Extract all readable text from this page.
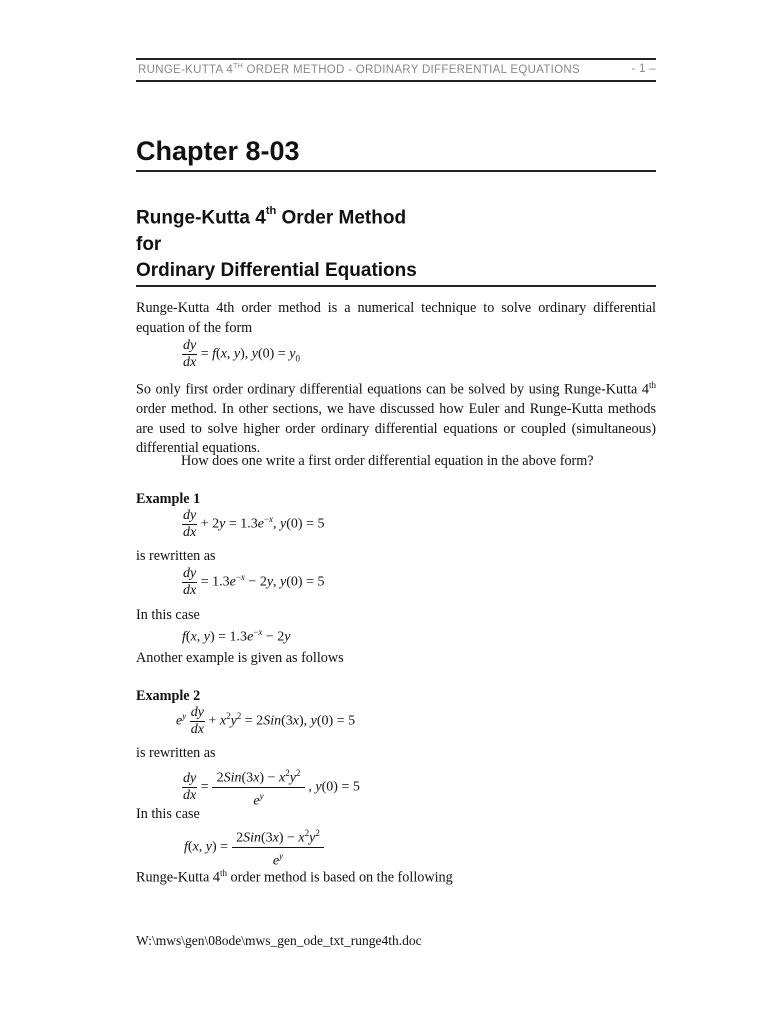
RUNGE-KUTTA 4TH ORDER METHOD - ORDINARY DIFFERENTIAL EQUATIONS	- 1 –
Chapter 8-03
Runge-Kutta 4th Order Method
for
Ordinary Differential Equations
Runge-Kutta 4th order method is a numerical technique to solve ordinary differential equation of the form
$\frac{dy}{dx} = f(x$, y), $y(0) = y_0$
So only first order ordinary differential equations can be solved by using Runge-Kutta 4th order method. In other sections, we have discussed how Euler and Runge-Kutta methods are used to solve higher order ordinary differential equations or coupled (simultaneous) differential equations.
How does one write a first order differential equation in the above form?
Example 1
$\frac{dy}{dx} + 2y = 1.3e^{-x}$, y(0) = 5
is rewritten as
$\frac{dy}{dx} = 1.3e^{-x} - 2y$, y(0) = 5
In this case
f(x, $y) = 1.3e^{-x} - 2y$
Another example is given as follows
Example 2
$e^y \frac{dy}{dx} + x^2y^2 = 2Sin(3x)$, y(0) = 5
is rewritten as
$\frac{dy}{dx} = \frac{2Sin(3x) - x^2y^2}{e^y}$ , y(0) = 5
In this case
f(x, $y) = \frac{2Sin(3x) - x^2y^2}{e^y}$
Runge-Kutta 4th order method is based on the following
W:\mws\gen\08ode\mws_gen_ode_txt_runge4th.doc
